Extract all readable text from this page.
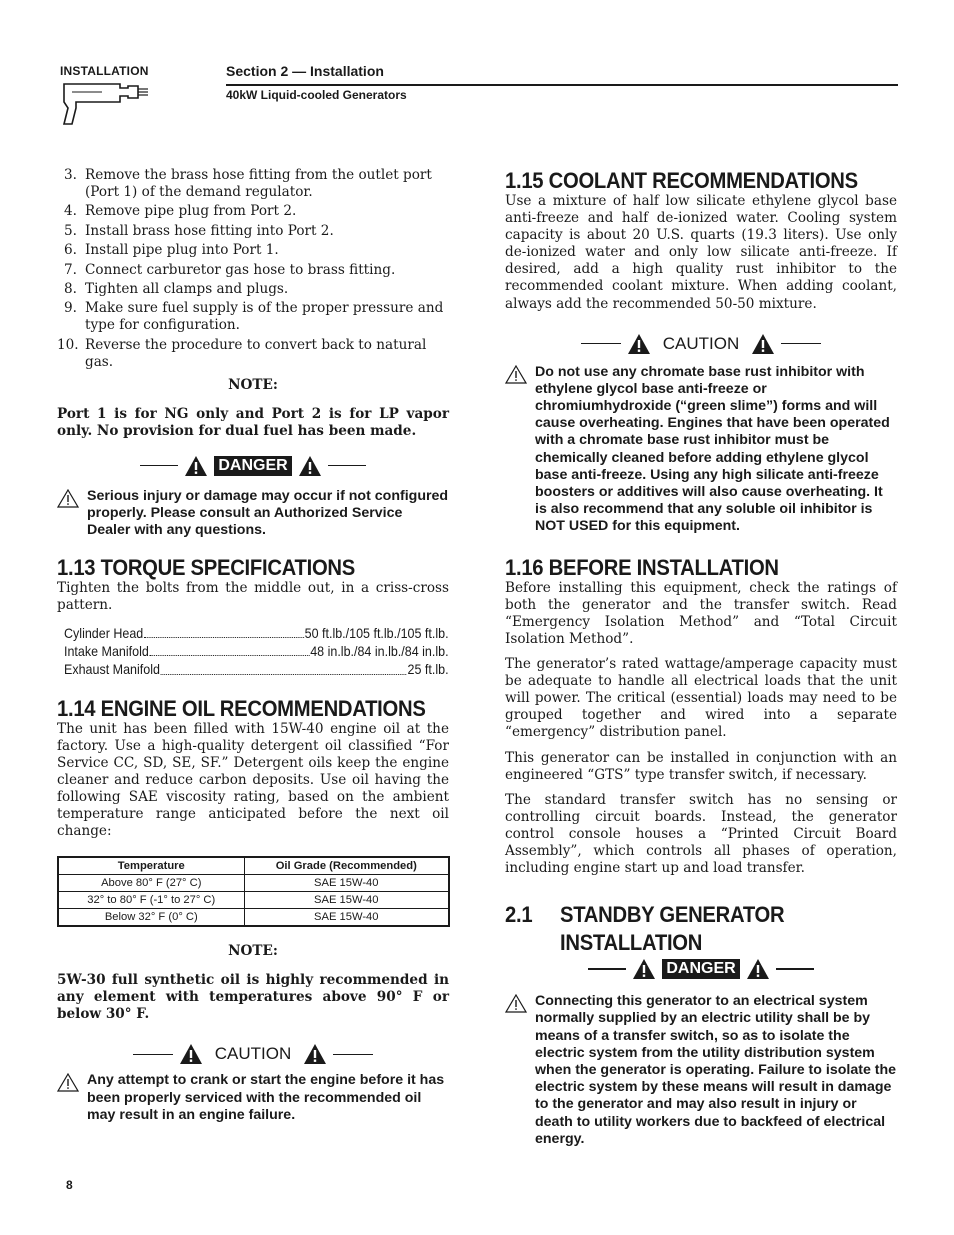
INSTALLATION	Section 2 — Installation
40kW Liquid-cooled Generators
3. Remove the brass hose fitting from the outlet port (Port 1) of the demand regulator.
4. Remove pipe plug from Port 2.
5. Install brass hose fitting into Port 2.
6. Install pipe plug into Port 1.
7. Connect carburetor gas hose to brass fitting.
8. Tighten all clamps and plugs.
9. Make sure fuel supply is of the proper pressure and type for configuration.
10. Reverse the procedure to convert back to natural gas.
NOTE:

Port 1 is for NG only and Port 2 is for LP vapor only. No provision for dual fuel has been made.

DANGER

Serious injury or damage may occur if not configured properly. Please consult an Authorized Service Dealer with any questions.

1.13 TORQUE SPECIFICATIONS

Tighten the bolts from the middle out, in a criss-cross pattern.

Cylinder Head	50 ft.lb./105 ft.lb./105 ft.lb.
Intake Manifold	48 in.lb./84 in.lb./84 in.lb.
Exhaust Manifold	25 ft.lb.
1.14 ENGINE OIL RECOMMENDATIONS

The unit has been filled with 15W-40 engine oil at the factory. Use a high-quality detergent oil classified “For Service CC, SD, SE, SF.” Detergent oils keep the engine cleaner and reduce carbon deposits. Use oil having the following SAE viscosity rating, based on the ambient temperature range anticipated before the next oil change:

Temperature	Oil Grade (Recommended)
Above 80° F (27° C)	SAE 15W-40
32° to 80° F (-1° to 27° C)	SAE 15W-40
Below 32° F (0° C)	SAE 15W-40
NOTE:

5W-30 full synthetic oil is highly recommended in any element with temperatures above 90° F or below 30° F.

CAUTION

Any attempt to crank or start the engine before it has been properly serviced with the recommended oil may result in an engine failure.

1.15 COOLANT RECOMMENDATIONS

Use a mixture of half low silicate ethylene glycol base anti-freeze and half de-ionized water. Cooling system capacity is about 20 U.S. quarts (19.3 liters). Use only de-ionized water and only low silicate anti-freeze. If desired, add a high quality rust inhibitor to the recommended coolant mixture. When adding coolant, always add the recommended 50-50 mixture.

CAUTION

Do not use any chromate base rust inhibitor with ethylene glycol base anti-freeze or chromiumhydroxide (“green slime”) forms and will cause overheating. Engines that have been operated with a chromate base rust inhibitor must be chemically cleaned before adding ethylene glycol base anti-freeze. Using any high silicate anti-freeze boosters or additives will also cause overheating. It is also recommend that any soluble oil inhibitor is NOT USED for this equipment.

1.16 BEFORE INSTALLATION

Before installing this equipment, check the ratings of both the generator and the transfer switch. Read “Emergency Isolation Method” and “Total Circuit Isolation Method”.

The generator’s rated wattage/amperage capacity must be adequate to handle all electrical loads that the unit will power. The critical (essential) loads may need to be grouped together and wired into a separate “emergency” distribution panel.

This generator can be installed in conjunction with an engineered “GTS” type transfer switch, if necessary.

The standard transfer switch has no sensing or controlling circuit boards. Instead, the generator control console houses a “Printed Circuit Board Assembly”, which controls all phases of operation, including engine start up and load transfer.

2.1 STANDBY GENERATOR
INSTALLATION
DANGER

Connecting this generator to an electrical system normally supplied by an electric utility shall be by means of a transfer switch, so as to isolate the electric system from the utility distribution system when the generator is operating. Failure to isolate the electric system by these means will result in damage to the generator and may also result in injury or death to utility workers due to backfeed of electrical energy.

8
